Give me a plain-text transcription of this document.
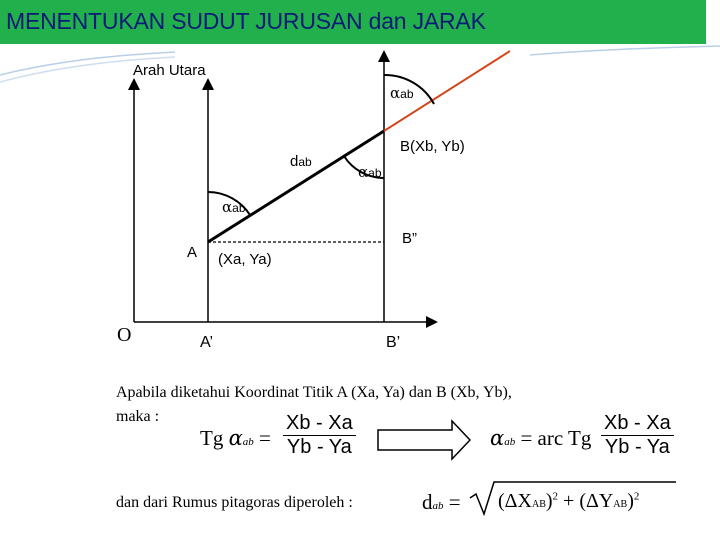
MENENTUKAN SUDUT JURUSAN dan JARAK
Arah Utara
αab
B(Xb, Yb)
dab
αab
αab
B”
A (Xa, Ya)
O	A’	B’
Apabila diketahui Koordinat Titik A (Xa, Ya) dan B (Xb, Yb),
maka :
dan dari Rumus pitagoras diperoleh :
Tg $\alpha ab = \frac{Xb - Xa}{Yb - Ya}$	αab = arc Tg $\frac{Xb - Xa}{Yb - Ya}$
dab = $(\Delta XAB)^2 + (\Delta YAB)^2$
